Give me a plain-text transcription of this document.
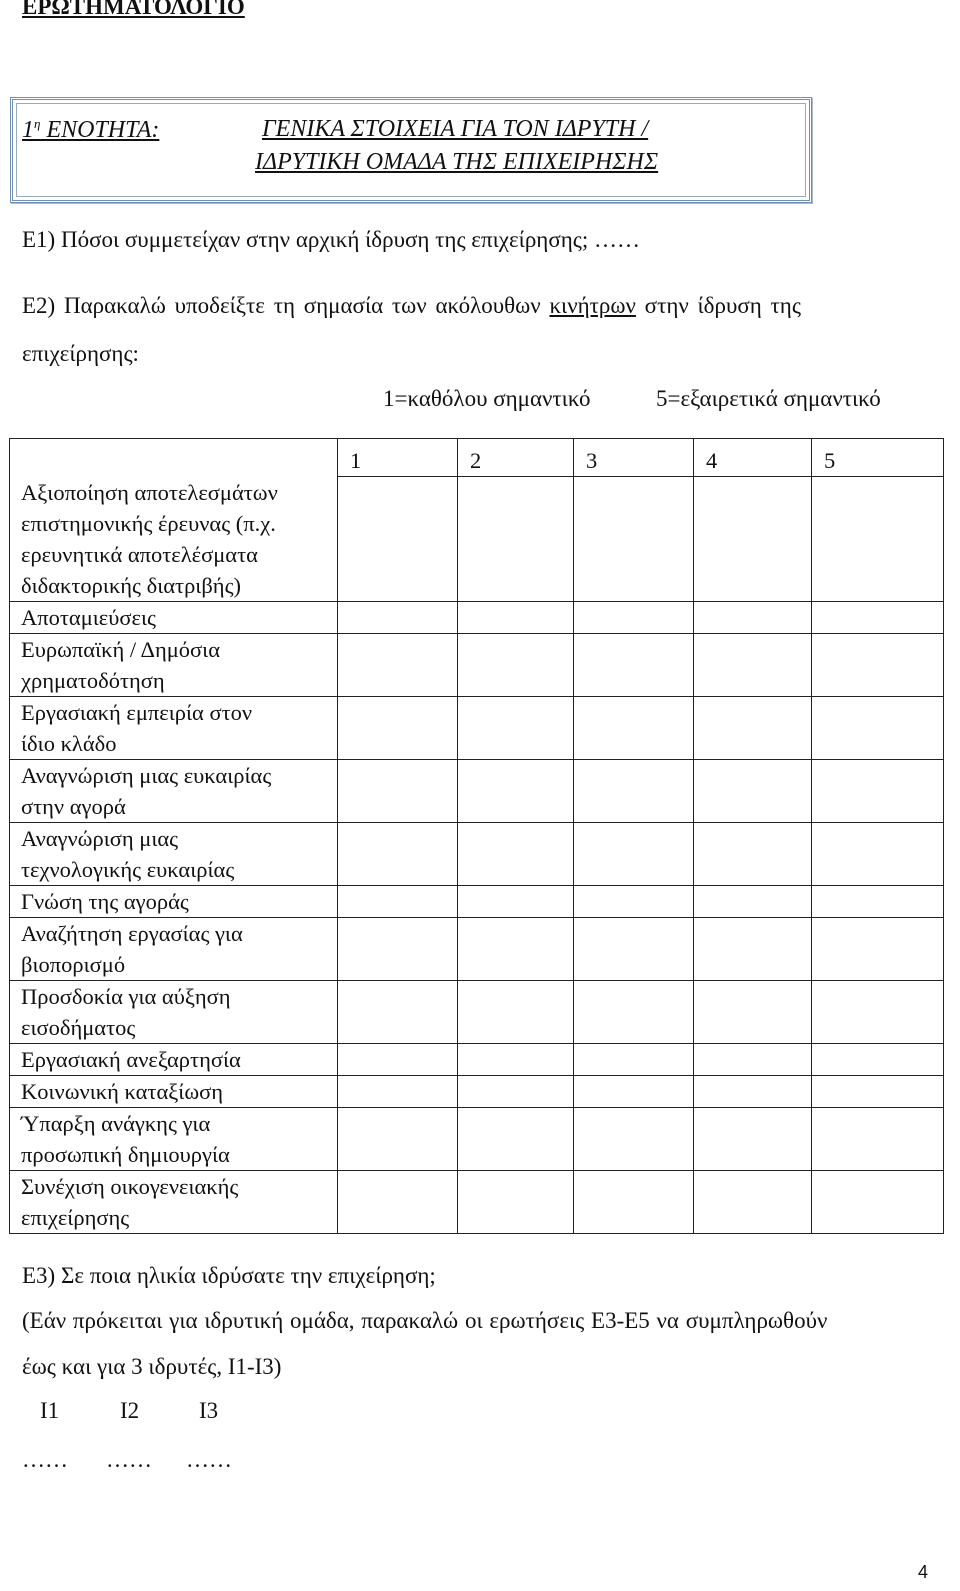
ΕΡΩΤΗΜΑΤΟΛΟΓΙΟ
$1^\eta$ ΕΝΟΤΗΤΑ:	ΓΕΝΙΚΑ ΣΤΟΙΧΕΙΑ ΓΙΑ ΤΟΝ ΙΔΡΥΤΗ /
ΙΔΡΥΤΙΚΗ ΟΜΑΔΑ ΤΗΣ ΕΠΙΧΕΙΡΗΣΗΣ
Ε1) Πόσοι συμμετείχαν στην αρχική ίδρυση της επιχείρησης; ……
Ε2) Παρακαλώ υποδείξτε τη σημασία των ακόλουθων κινήτρων στην ίδρυση της
επιχείρησης:
1=καθόλου σημαντικό	5=εξαιρετικά σημαντικό
	1	2	3	4	5

Αξιοποίηση αποτελεσμάτων
επιστημονικής έρευνας (π.χ.
ερευνητικά αποτελέσματα
διδακτορικής διατριβής)					

Αποταμιεύσεις					

Ευρωπαϊκή / Δημόσια
χρηματοδότηση					

Εργασιακή εμπειρία στον
ίδιο κλάδο					

Αναγνώριση μιας ευκαιρίας
στην αγορά					

Αναγνώριση μιας
τεχνολογικής ευκαιρίας					

Γνώση της αγοράς					

Αναζήτηση εργασίας για
βιοπορισμό					

Προσδοκία για αύξηση
εισοδήματος					

Εργασιακή ανεξαρτησία					

Κοινωνική καταξίωση					

Ύπαρξη ανάγκης για
προσωπική δημιουργία					

Συνέχιση οικογενειακής
επιχείρησης					

Ε3) Σε ποια ηλικία ιδρύσατε την επιχείρηση;
(Εάν πρόκειται για ιδρυτική ομάδα, παρακαλώ οι ερωτήσεις Ε3-Ε5 να συμπληρωθούν
έως και για 3 ιδρυτές, Ι1-Ι3)
Ι1	Ι2	Ι3
…… …… ……
4
